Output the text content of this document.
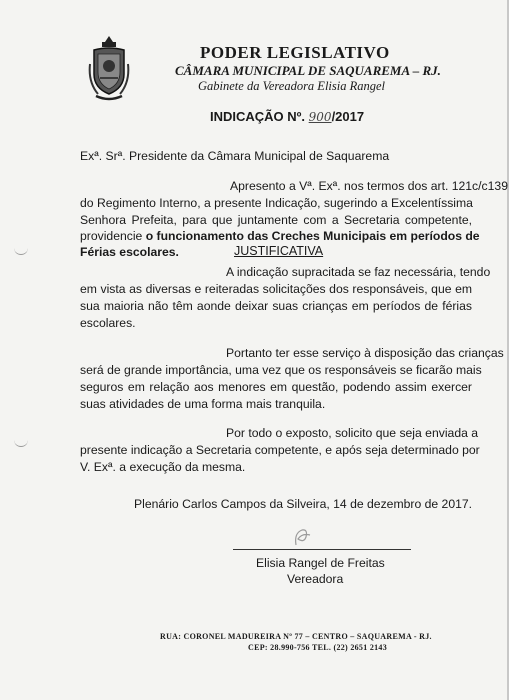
PODER LEGISLATIVO
CÂMARA MUNICIPAL DE SAQUAREMA – RJ.
Gabinete da Vereadora Elisia Rangel
INDICAÇÃO Nº. 900/2017
Exª. Srª. Presidente da Câmara Municipal de Saquarema
Apresento a Vª. Exª. nos termos dos art. 121c/c139
do Regimento Interno, a presente Indicação, sugerindo a Excelentíssima
Senhora Prefeita, para que juntamente com a Secretaria competente,
providencie o funcionamento das Creches Municipais em períodos de
Férias escolares.	JUSTIFICATIVA
A indicação supracitada se faz necessária, tendo
em vista as diversas e reiteradas solicitações dos responsáveis, que em
sua maioria não têm aonde deixar suas crianças em períodos de férias
escolares.
Portanto ter esse serviço à disposição das crianças
será de grande importância, uma vez que os responsáveis se ficarão mais
seguros em relação aos menores em questão, podendo assim exercer
suas atividades de uma forma mais tranquila.
Por todo o exposto, solicito que seja enviada a
presente indicação a Secretaria competente, e após seja determinado por
V. Exª. a execução da mesma.
Plenário Carlos Campos da Silveira, 14 de dezembro de 2017.
Elisia Rangel de Freitas
Vereadora
RUA: CORONEL MADUREIRA Nº 77 – CENTRO – SAQUAREMA - RJ.
CEP: 28.990-756 TEL. (22) 2651 2143
